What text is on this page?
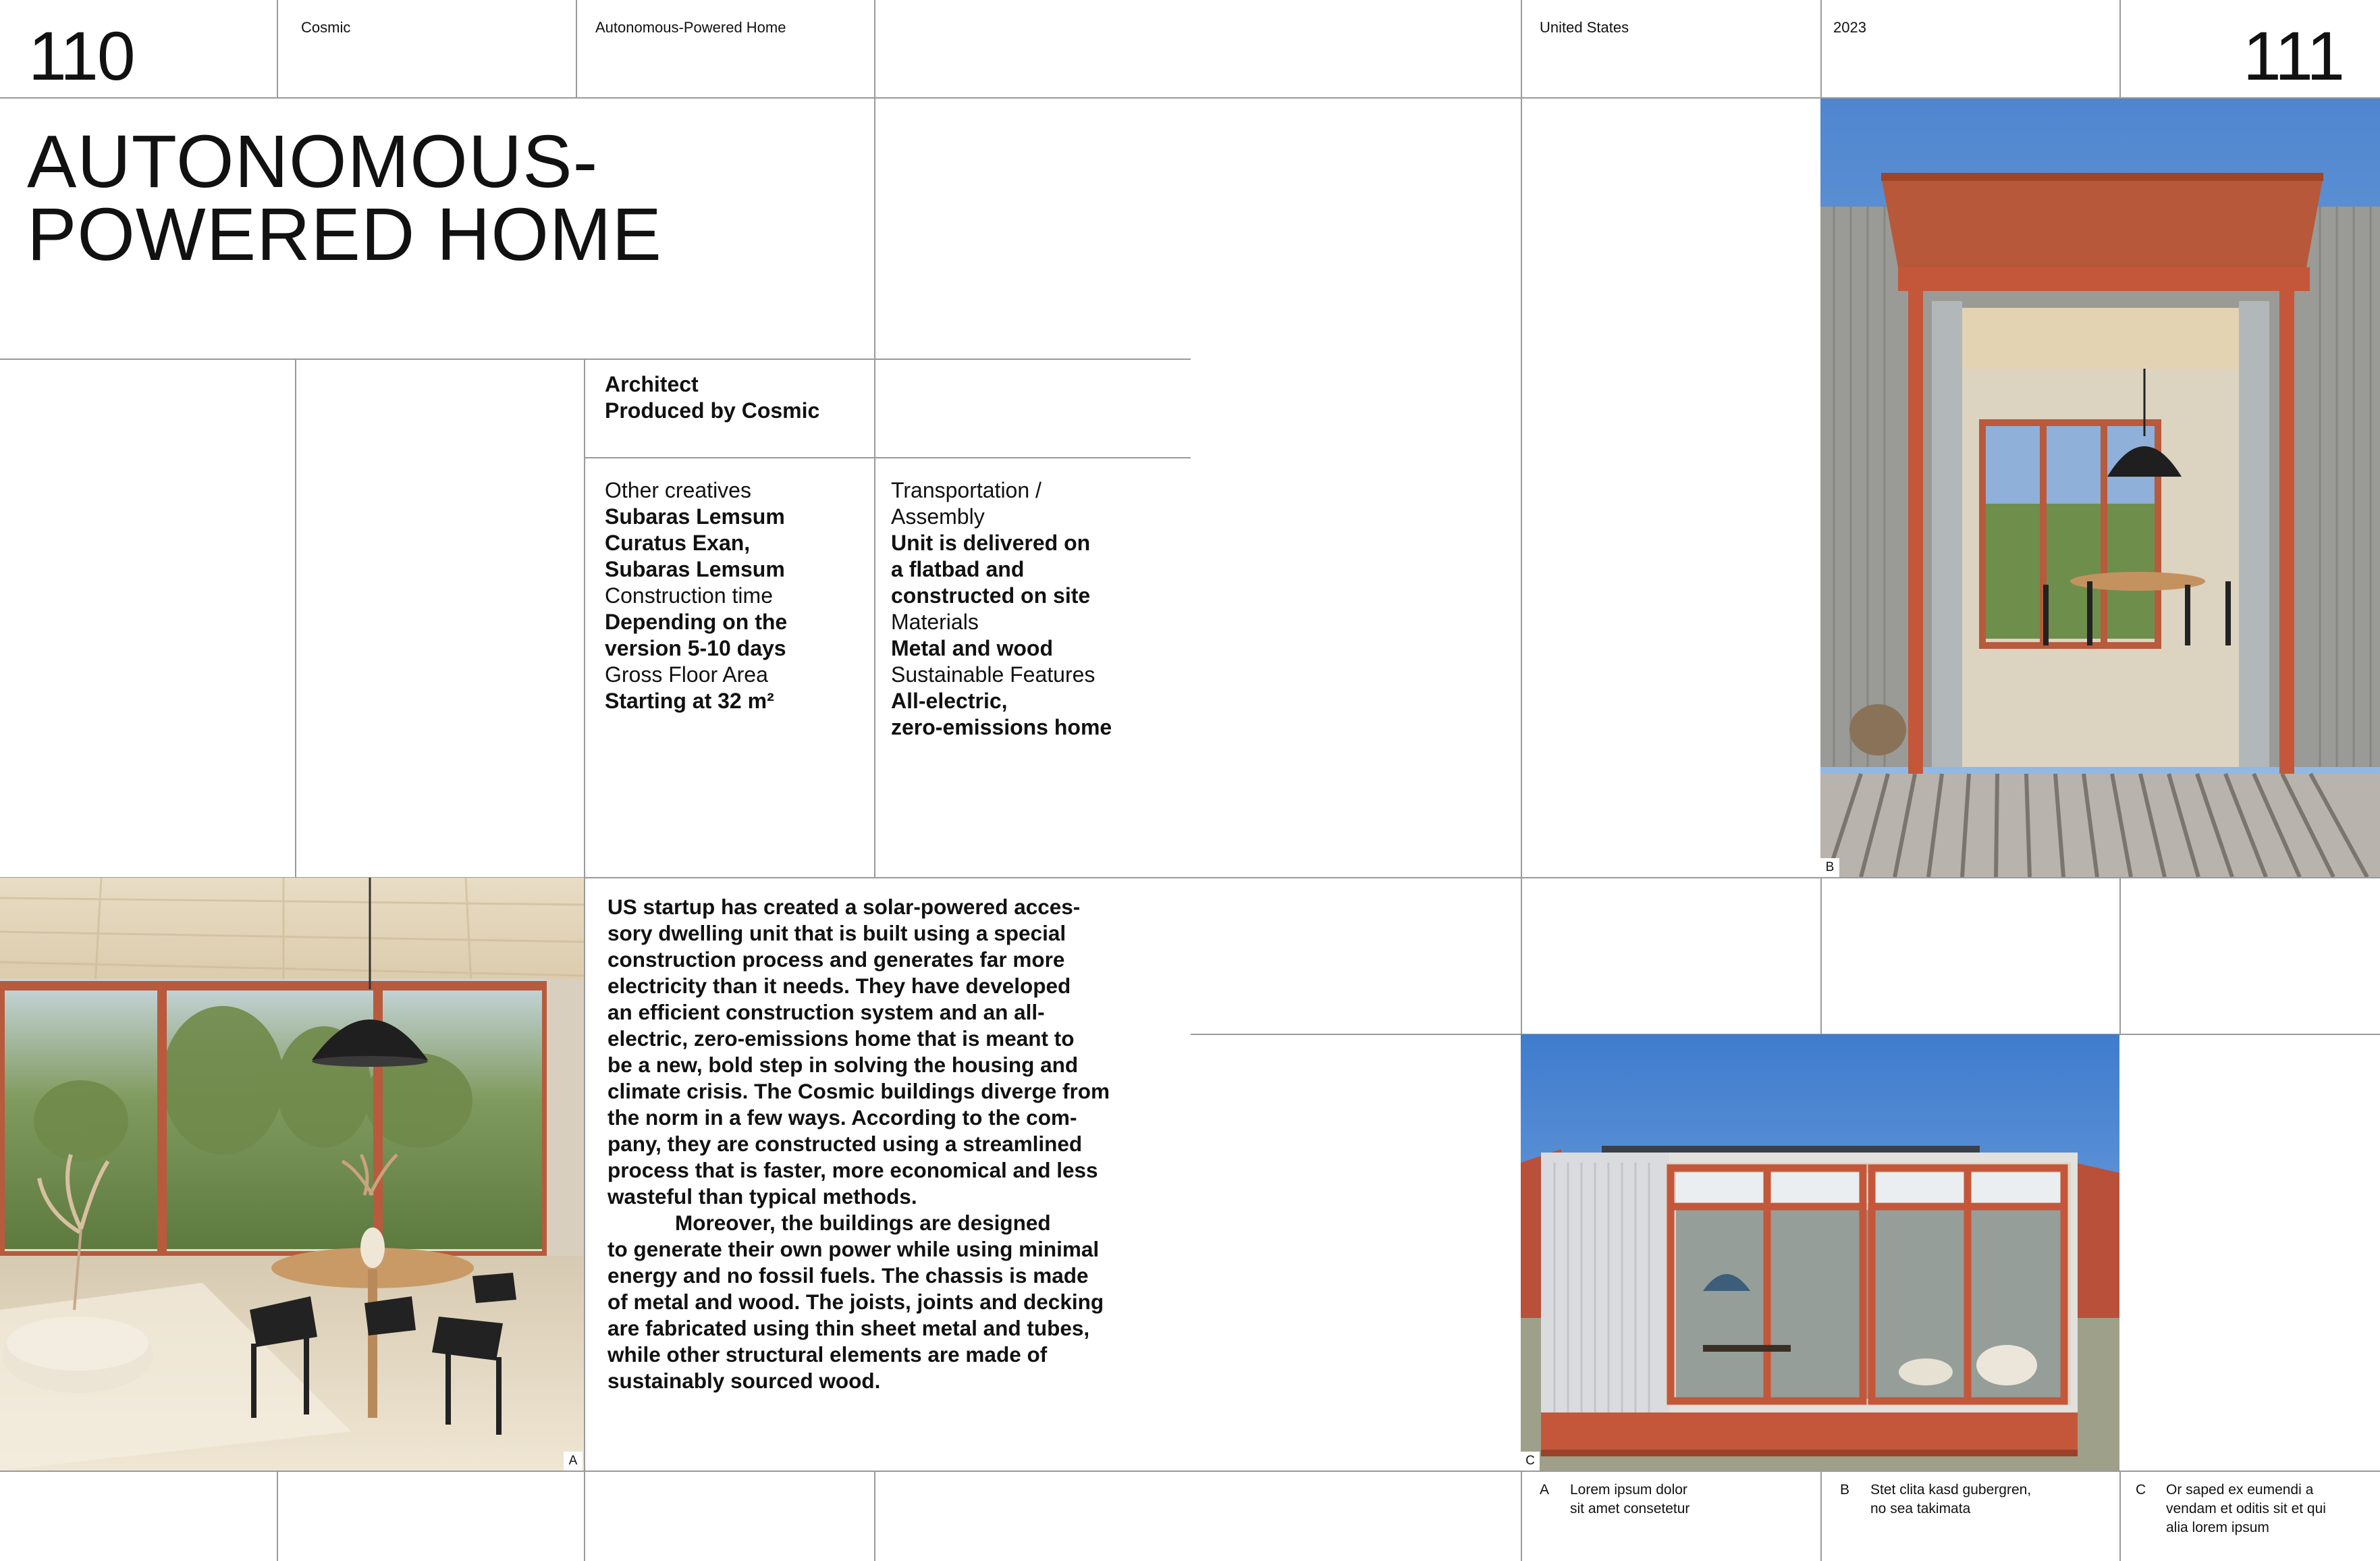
110	111
Cosmic	Autonomous-Powered Home	United States	2023
AUTONOMOUS-
POWERED HOME
Architect
Produced by Cosmic
Other creatives
Subaras Lemsum
Curatus Exan,
Subaras Lemsum
Construction time
Depending on the
version 5-10 days
Gross Floor Area
Starting at 32 m²
Transportation /
Assembly
Unit is delivered on
a flatbad and
constructed on site
Materials
Metal and wood
Sustainable Features
All-electric,
zero-emissions home

US startup has created a solar-powered acces-
sory dwelling unit that is built using a special
construction process and generates far more
electricity than it needs. They have developed
an efficient construction system and an all-
electric, zero-emissions home that is meant to
be a new, bold step in solving the housing and
climate crisis. The Cosmic buildings diverge from
the norm in a few ways. According to the com-
pany, they are constructed using a streamlined
process that is faster, more economical and less
wasteful than typical methods.

Moreover, the buildings are designed
to generate their own power while using minimal
energy and no fossil fuels. The chassis is made
of metal and wood. The joists, joints and decking
are fabricated using thin sheet metal and tubes,
while other structural elements are made of
sustainably sourced wood.

A
B
C
A	Lorem ipsum dolor
sit amet consetetur
B	Stet clita kasd gubergren,
no sea takimata
C	Or saped ex eumendi a
vendam et oditis sit et qui
alia lorem ipsum
